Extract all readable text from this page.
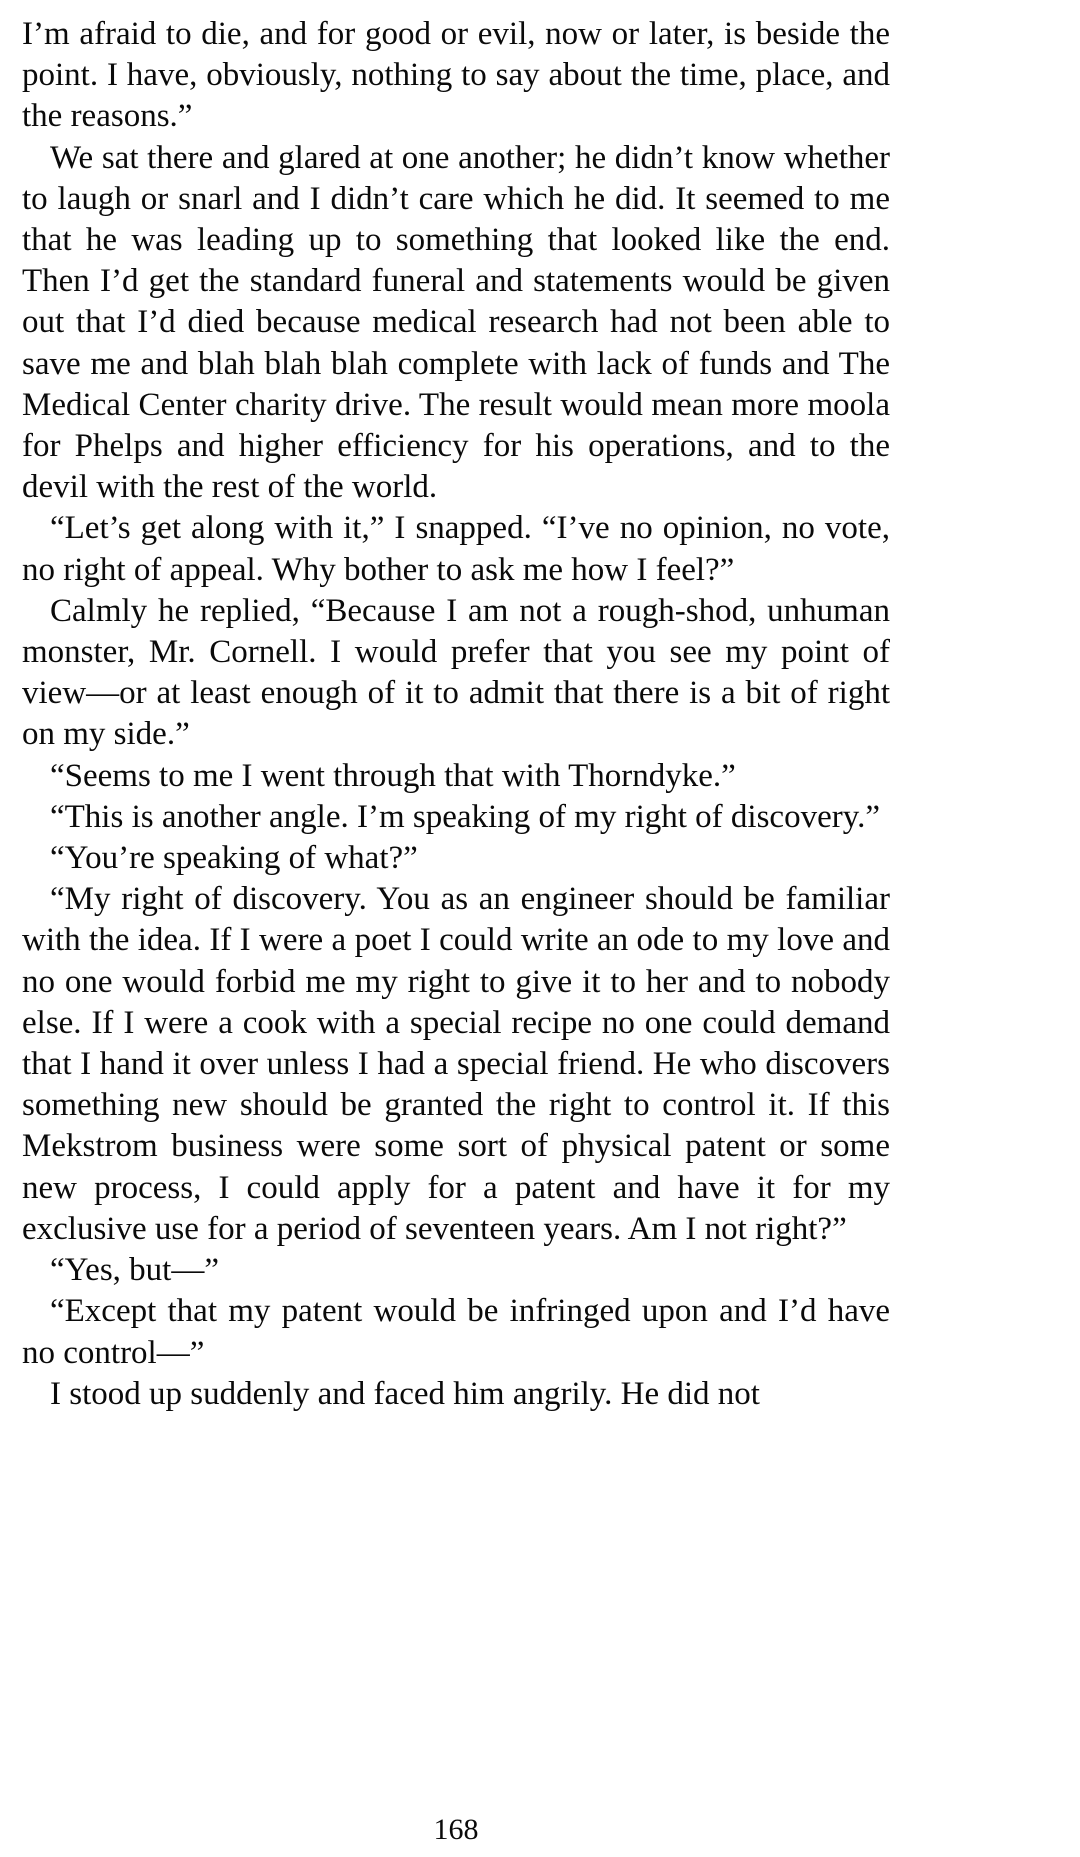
I’m afraid to die, and for good or evil, now or later, is beside the point. I have, obviously, nothing to say about the time, place, and the reasons.”

We sat there and glared at one another; he didn’t know whether to laugh or snarl and I didn’t care which he did. It seemed to me that he was leading up to something that looked like the end. Then I’d get the standard funeral and statements would be given out that I’d died because medical research had not been able to save me and blah blah blah complete with lack of funds and The Medical Center charity drive. The result would mean more moola for Phelps and higher efficiency for his operations, and to the devil with the rest of the world.

“Let’s get along with it,” I snapped. “I’ve no opinion, no vote, no right of appeal. Why bother to ask me how I feel?”

Calmly he replied, “Because I am not a rough-shod, unhuman monster, Mr. Cornell. I would prefer that you see my point of view—or at least enough of it to admit that there is a bit of right on my side.”

“Seems to me I went through that with Thorndyke.”

“This is another angle. I’m speaking of my right of discovery.”

“You’re speaking of what?”

“My right of discovery. You as an engineer should be familiar with the idea. If I were a poet I could write an ode to my love and no one would forbid me my right to give it to her and to nobody else. If I were a cook with a special recipe no one could demand that I hand it over unless I had a special friend. He who discovers something new should be granted the right to control it. If this Mekstrom business were some sort of physical patent or some new process, I could apply for a patent and have it for my exclusive use for a period of seventeen years. Am I not right?”

“Yes, but—”

“Except that my patent would be infringed upon and I’d have no control—”

I stood up suddenly and faced him angrily. He did not

168
